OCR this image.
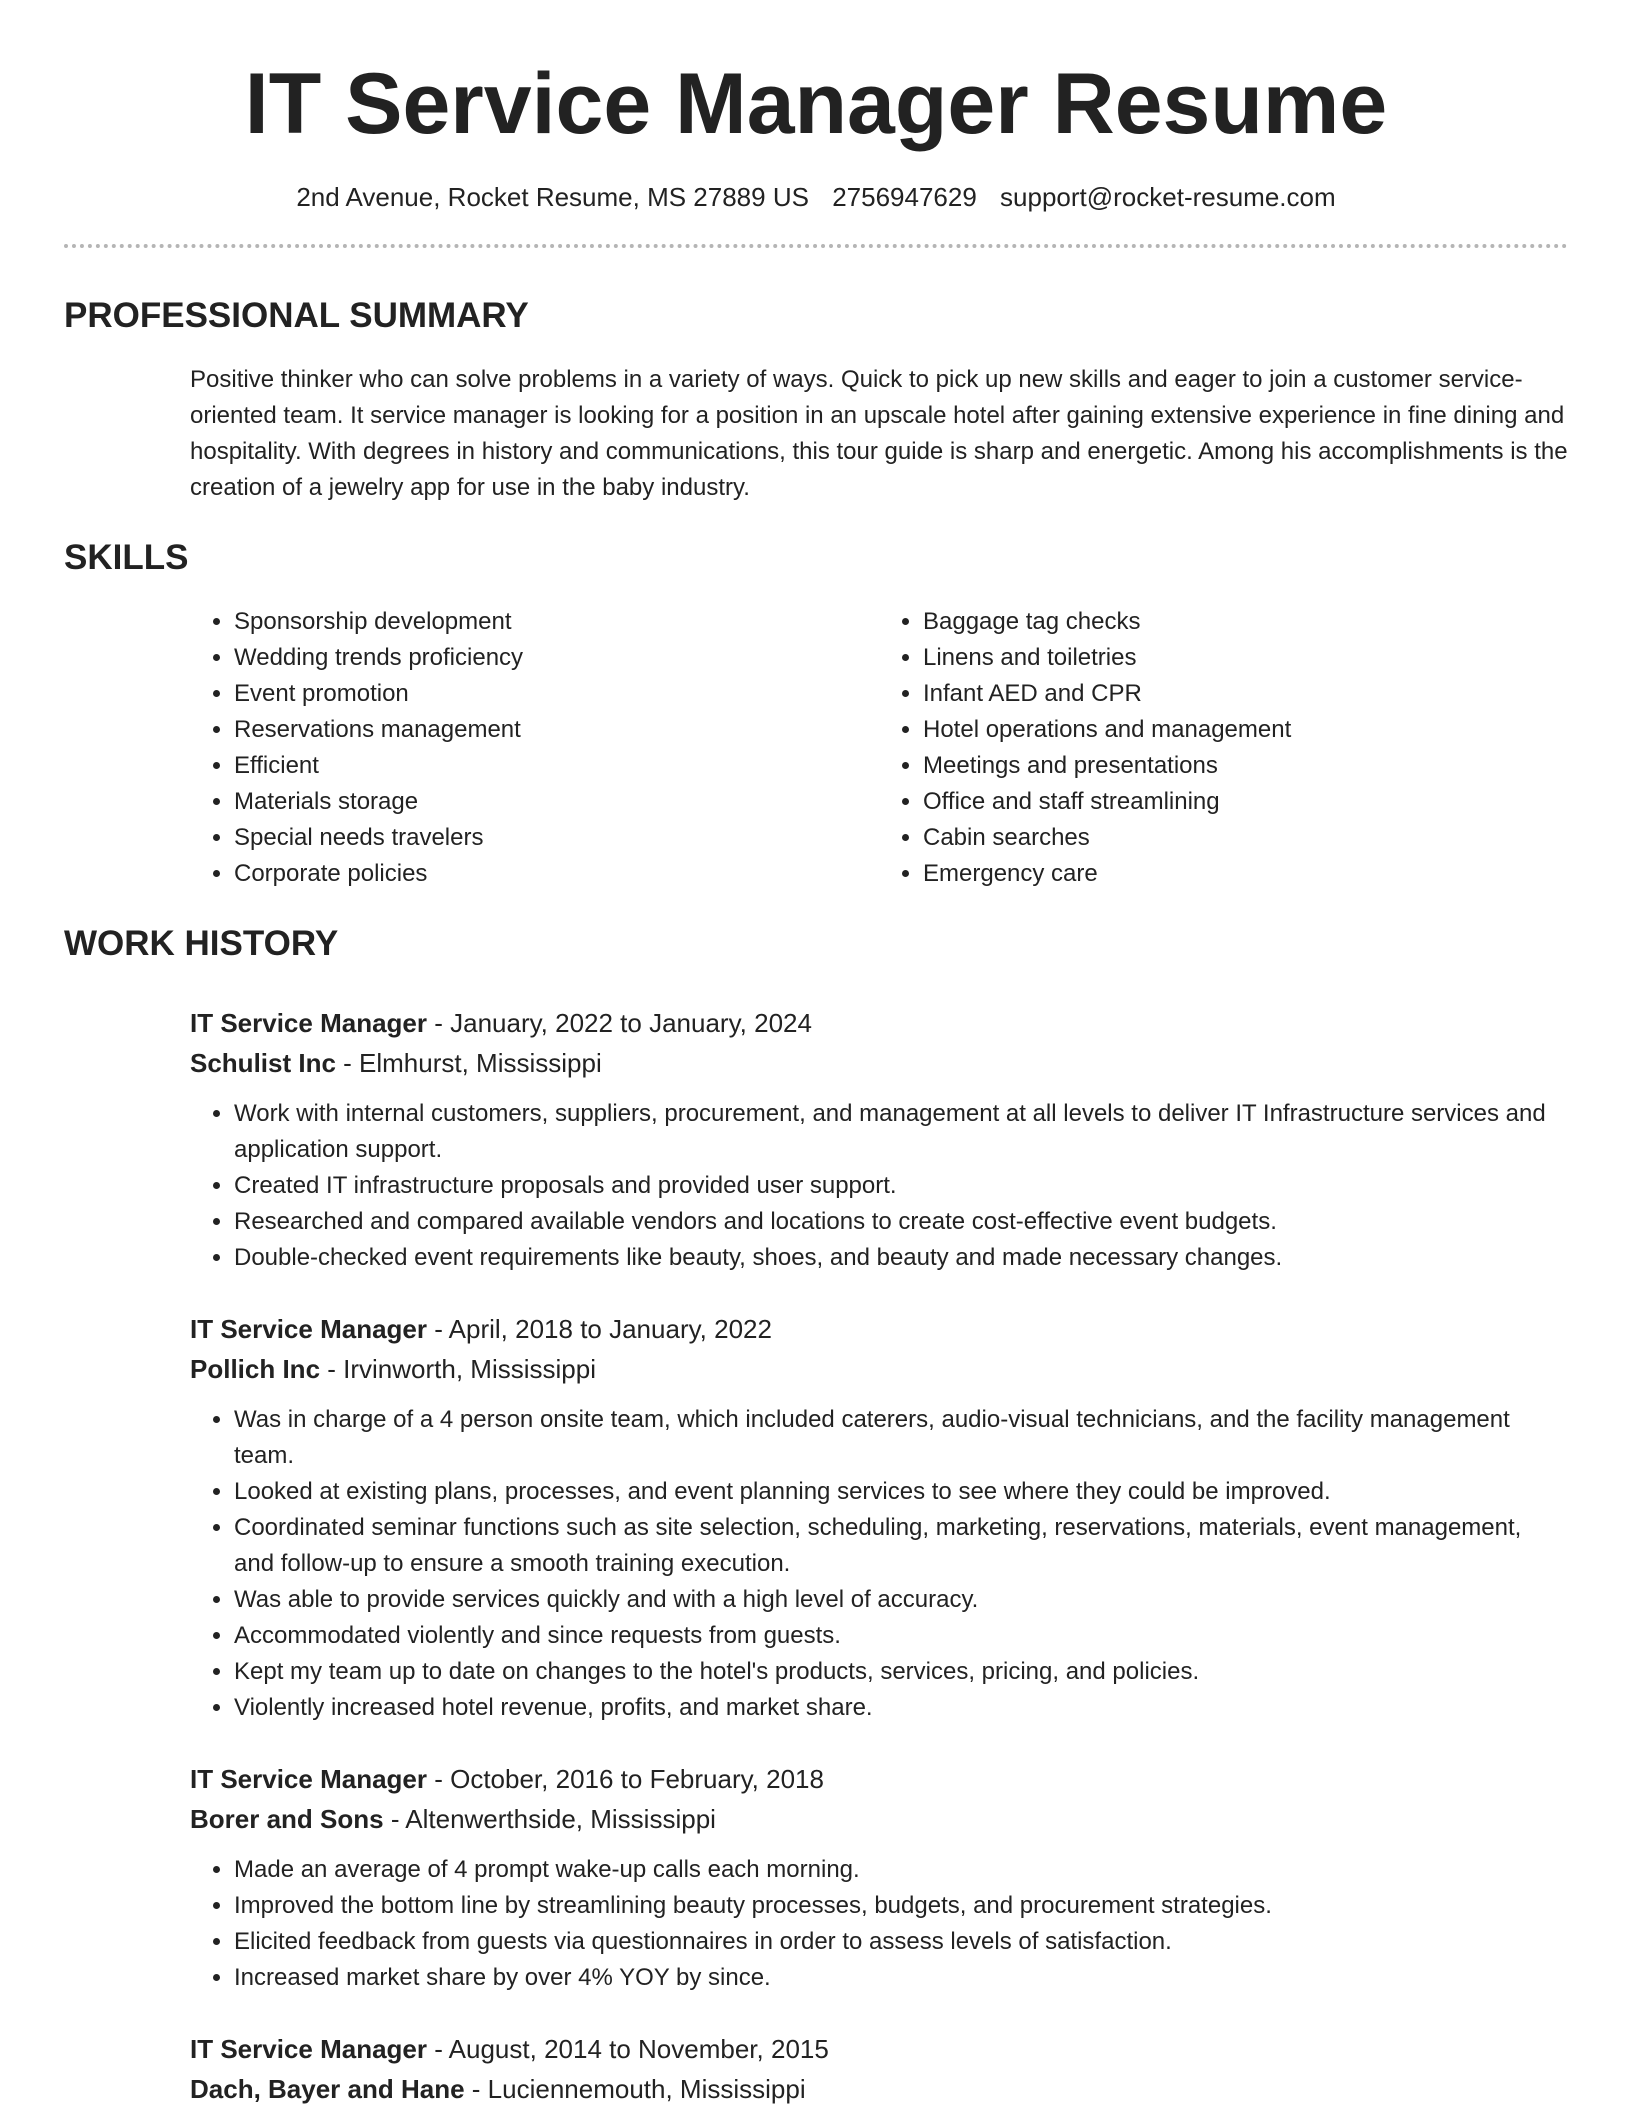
IT Service Manager Resume
2nd Avenue, Rocket Resume, MS 27889 US 2756947629 support@rocket-resume.com
PROFESSIONAL SUMMARY

Positive thinker who can solve problems in a variety of ways. Quick to pick up new skills and eager to join a customer service-oriented team. It service manager is looking for a position in an upscale hotel after gaining extensive experience in fine dining and hospitality. With degrees in history and communications, this tour guide is sharp and energetic. Among his accomplishments is the creation of a jewelry app for use in the baby industry.

SKILLS
• Sponsorship development
• Wedding trends proficiency
• Event promotion
• Reservations management
• Efficient
• Materials storage
• Special needs travelers
• Corporate policies
• Baggage tag checks
• Linens and toiletries
• Infant AED and CPR
• Hotel operations and management
• Meetings and presentations
• Office and staff streamlining
• Cabin searches
• Emergency care
WORK HISTORY
IT Service Manager - January, 2022 to January, 2024
Schulist Inc - Elmhurst, Mississippi
• Work with internal customers, suppliers, procurement, and management at all levels to deliver IT Infrastructure services and application support.
• Created IT infrastructure proposals and provided user support.
• Researched and compared available vendors and locations to create cost-effective event budgets.
• Double-checked event requirements like beauty, shoes, and beauty and made necessary changes.
IT Service Manager - April, 2018 to January, 2022
Pollich Inc - Irvinworth, Mississippi
• Was in charge of a 4 person onsite team, which included caterers, audio-visual technicians, and the facility management team.
• Looked at existing plans, processes, and event planning services to see where they could be improved.
• Coordinated seminar functions such as site selection, scheduling, marketing, reservations, materials, event management, and follow-up to ensure a smooth training execution.
• Was able to provide services quickly and with a high level of accuracy.
• Accommodated violently and since requests from guests.
• Kept my team up to date on changes to the hotel's products, services, pricing, and policies.
• Violently increased hotel revenue, profits, and market share.
IT Service Manager - October, 2016 to February, 2018
Borer and Sons - Altenwerthside, Mississippi
• Made an average of 4 prompt wake-up calls each morning.
• Improved the bottom line by streamlining beauty processes, budgets, and procurement strategies.
• Elicited feedback from guests via questionnaires in order to assess levels of satisfaction.
• Increased market share by over 4% YOY by since.
IT Service Manager - August, 2014 to November, 2015
Dach, Bayer and Hane - Luciennemouth, Mississippi
